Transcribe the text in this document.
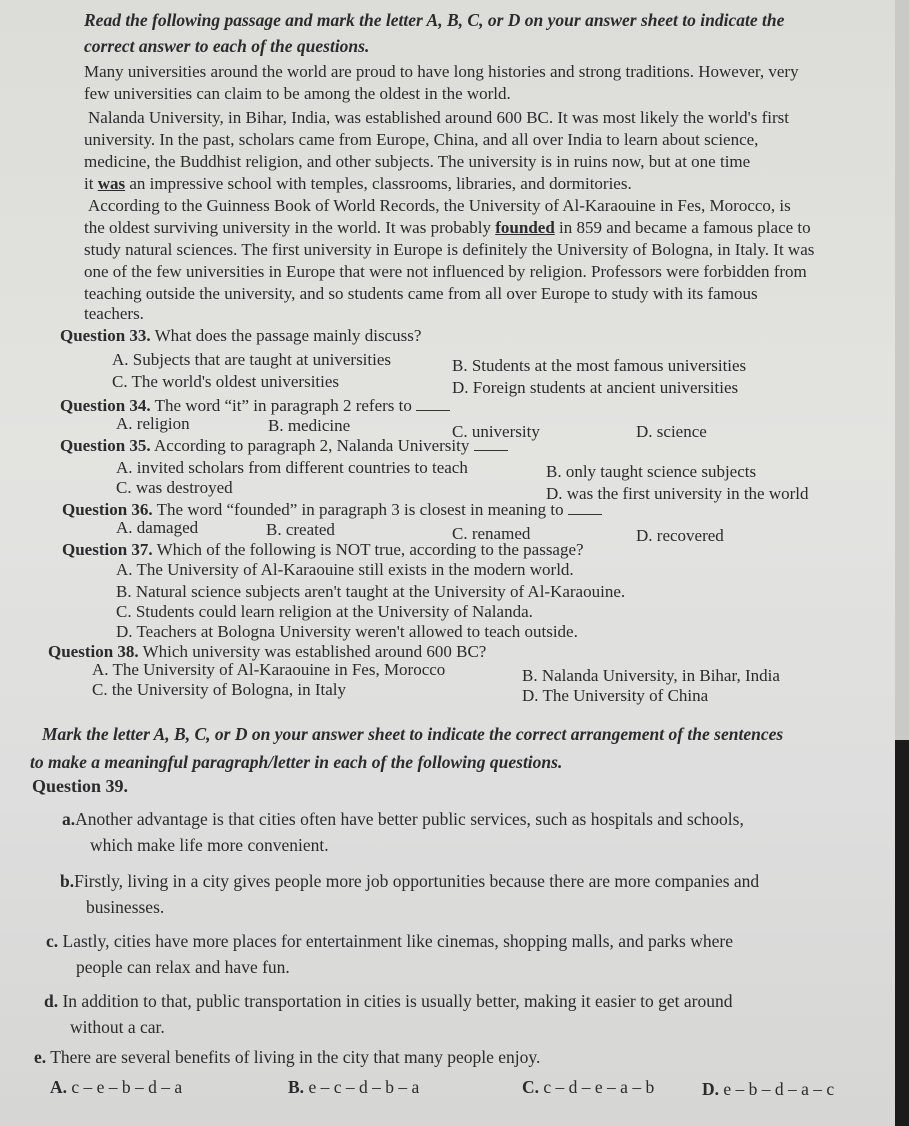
Read the following passage and mark the letter A, B, C, or D on your answer sheet to indicate the
correct answer to each of the questions.
Many universities around the world are proud to have long histories and strong traditions. However, very
few universities can claim to be among the oldest in the world.
Nalanda University, in Bihar, India, was established around 600 BC. It was most likely the world's first
university. In the past, scholars came from Europe, China, and all over India to learn about science,
medicine, the Buddhist religion, and other subjects. The university is in ruins now, but at one time
it was an impressive school with temples, classrooms, libraries, and dormitories.
According to the Guinness Book of World Records, the University of Al-Karaouine in Fes, Morocco, is
the oldest surviving university in the world. It was probably founded in 859 and became a famous place to
study natural sciences. The first university in Europe is definitely the University of Bologna, in Italy. It was
one of the few universities in Europe that were not influenced by religion. Professors were forbidden from
teaching outside the university, and so students came from all over Europe to study with its famous
teachers.
Question 33. What does the passage mainly discuss?
A. Subjects that are taught at universities	B. Students at the most famous universities
C. The world's oldest universities	D. Foreign students at ancient universities
Question 34. The word “it” in paragraph 2 refers to
A. religion	B. medicine	C. university	D. science
Question 35. According to paragraph 2, Nalanda University
A. invited scholars from different countries to teach	B. only taught science subjects
C. was destroyed	D. was the first university in the world
Question 36. The word “founded” in paragraph 3 is closest in meaning to
A. damaged	B. created	C. renamed	D. recovered
Question 37. Which of the following is NOT true, according to the passage?
A. The University of Al-Karaouine still exists in the modern world.
B. Natural science subjects aren't taught at the University of Al-Karaouine.
C. Students could learn religion at the University of Nalanda.
D. Teachers at Bologna University weren't allowed to teach outside.
Question 38. Which university was established around 600 BC?
A. The University of Al-Karaouine in Fes, Morocco	B. Nalanda University, in Bihar, India
C. the University of Bologna, in Italy	D. The University of China
Mark the letter A, B, C, or D on your answer sheet to indicate the correct arrangement of the sentences
to make a meaningful paragraph/letter in each of the following questions.
Question 39.
a.Another advantage is that cities often have better public services, such as hospitals and schools,
which make life more convenient.
b.Firstly, living in a city gives people more job opportunities because there are more companies and
businesses.
c. Lastly, cities have more places for entertainment like cinemas, shopping malls, and parks where
people can relax and have fun.
d. In addition to that, public transportation in cities is usually better, making it easier to get around
without a car.
e. There are several benefits of living in the city that many people enjoy.
A. c – e – b – d – a	B. e – c – d – b – a	C. c – d – e – a – b	D. e – b – d – a – c
